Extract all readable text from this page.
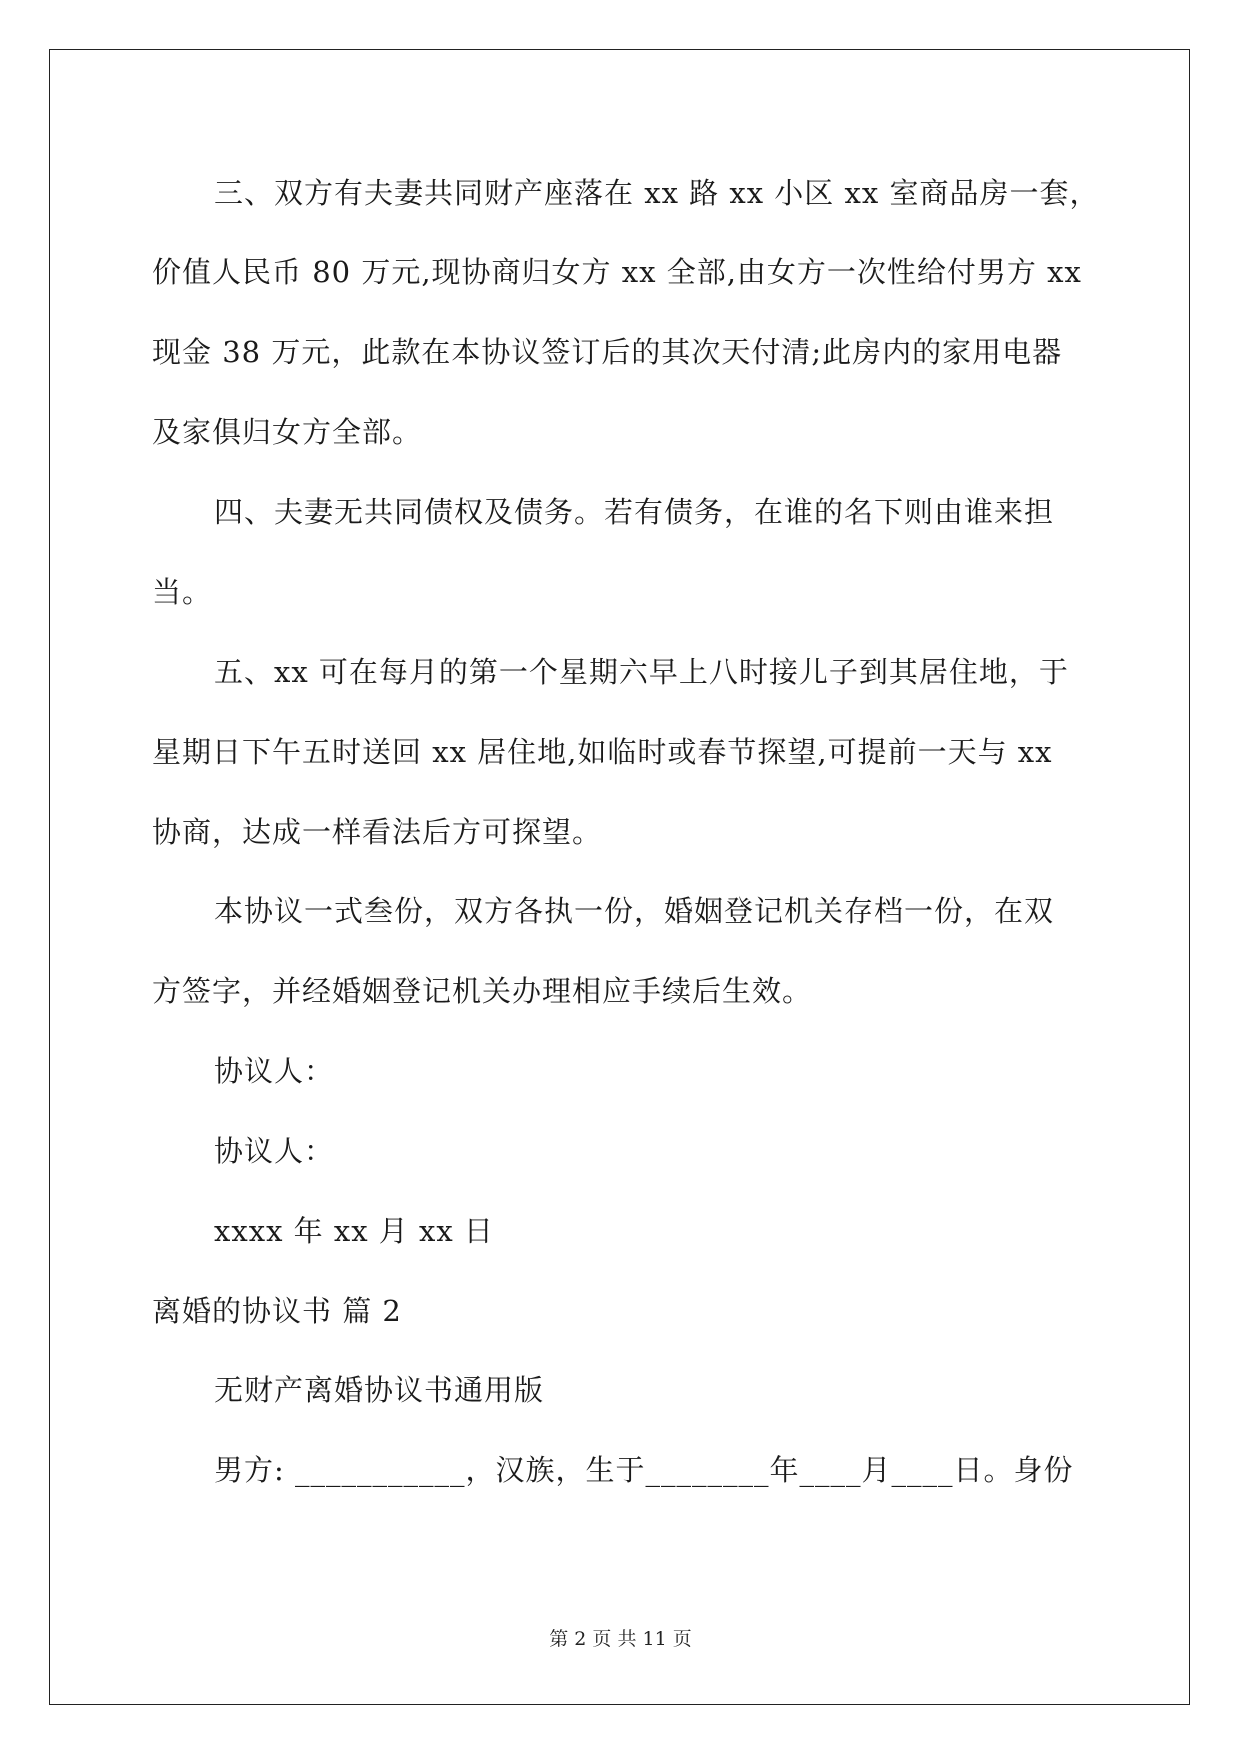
三、双方有夫妻共同财产座落在 xx 路 xx 小区 xx 室商品房一套，
价值人民币 80 万元,现协商归女方 xx 全部,由女方一次性给付男方 xx
现金 38 万元，此款在本协议签订后的其次天付清;此房内的家用电器
及家俱归女方全部。
四、夫妻无共同债权及债务。若有债务，在谁的名下则由谁来担
当。
五、xx 可在每月的第一个星期六早上八时接儿子到其居住地，于
星期日下午五时送回 xx 居住地,如临时或春节探望,可提前一天与 xx
协商，达成一样看法后方可探望。
本协议一式叁份，双方各执一份，婚姻登记机关存档一份，在双
方签字，并经婚姻登记机关办理相应手续后生效。
协议人：
协议人：
xxxx 年 xx 月 xx 日
离婚的协议书 篇 2
无财产离婚协议书通用版
男方: ___________，汉族，生于________年____月____日。身份
第 2 页 共 11 页
